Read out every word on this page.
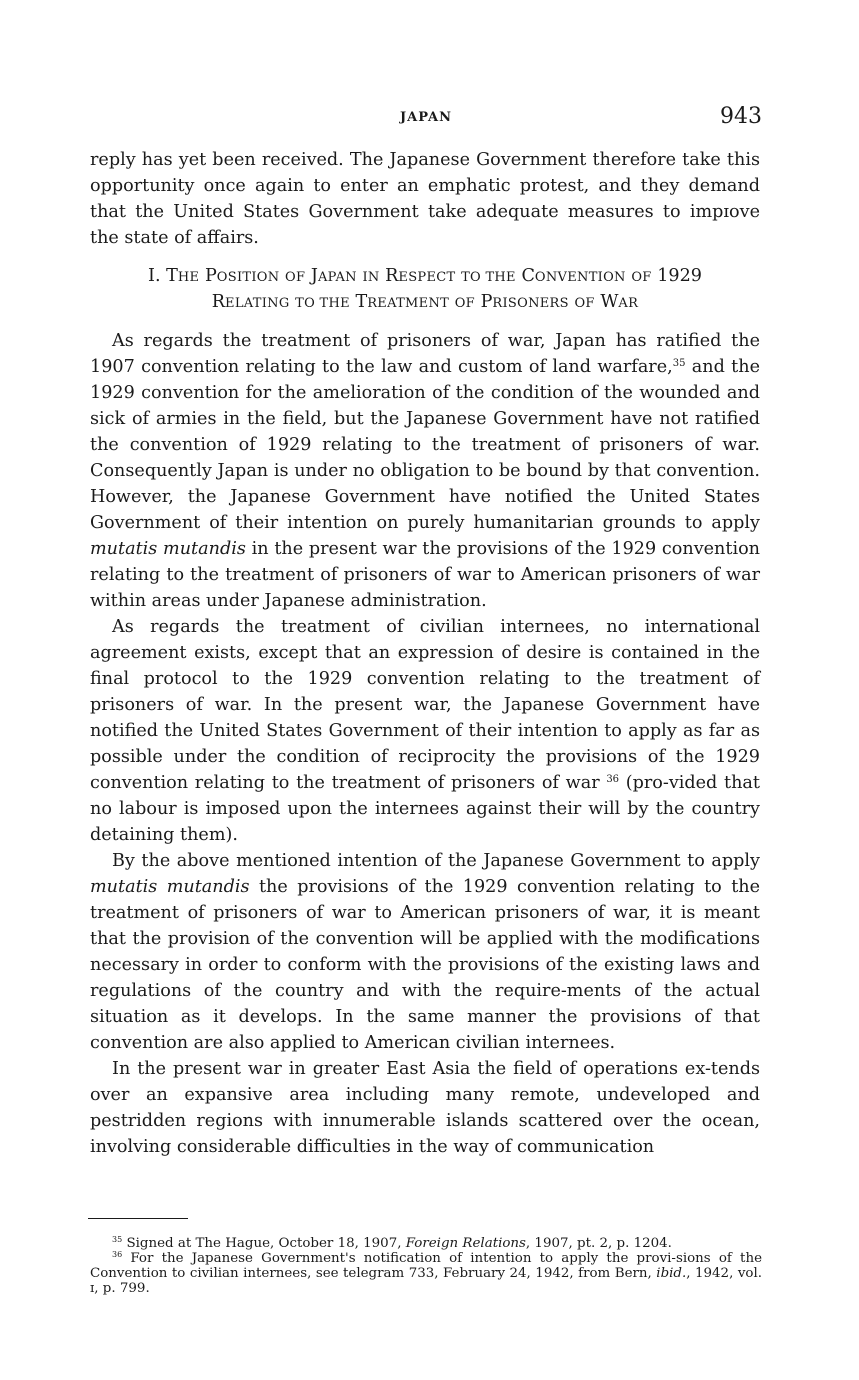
JAPAN	943

reply has yet been received. The Japanese Government therefore take this opportunity once again to enter an emphatic protest, and they demand that the United States Government take adequate measures to impɪove the state of affairs.

I. THE POSITION OF JAPAN IN RESPECT TO THE CONVENTION OF 1929
RELATING TO THE TREATMENT OF PRISONERS OF WAR

As regards the treatment of prisoners of war, Japan has ratified the 1907 convention relating to the law and custom of land warfare,$^{35}$ and the 1929 convention for the amelioration of the condition of the wounded and sick of armies in the field, but the Japanese Government have not ratified the convention of 1929 relating to the treatment of prisoners of war. Consequently Japan is under no obligation to be bound by that convention. However, the Japanese Government have notified the United States Government of their intention on purely humanitarian grounds to apply mutatis mutandis in the present war the provisions of the 1929 convention relating to the treatment of prisoners of war to American prisoners of war within areas under Japanese administration.

As regards the treatment of civilian internees, no international agreement exists, except that an expression of desire is contained in the final protocol to the 1929 convention relating to the treatment of prisoners of war. In the present war, the Japanese Government have notified the United States Government of their intention to apply as far as possible under the condition of reciprocity the provisions of the 1929 convention relating to the treatment of prisoners of war $^{36}$ (pro-vided that no labour is imposed upon the internees against their will by the country detaining them).

By the above mentioned intention of the Japanese Government to apply mutatis mutandis the provisions of the 1929 convention relating to the treatment of prisoners of war to American prisoners of war, it is meant that the provision of the convention will be applied with the modifications necessary in order to conform with the provisions of the existing laws and regulations of the country and with the require-ments of the actual situation as it develops. In the same manner the provisions of that convention are also applied to American civilian internees.

In the present war in greater East Asia the field of operations ex-tends over an expansive area including many remote, undeveloped and pestridden regions with innumerable islands scattered over the ocean, involving considerable difficulties in the way of communication

$^{35}$ Signed at The Hague, October 18, 1907, Foreign Relations, 1907, pt. 2, p. 1204.

$^{36}$ For the Japanese Government's notification of intention to apply the provi-sions of the Convention to civilian internees, see telegram 733, February 24, 1942, from Bern, ibid., 1942, vol. ɪ, p. 799.
